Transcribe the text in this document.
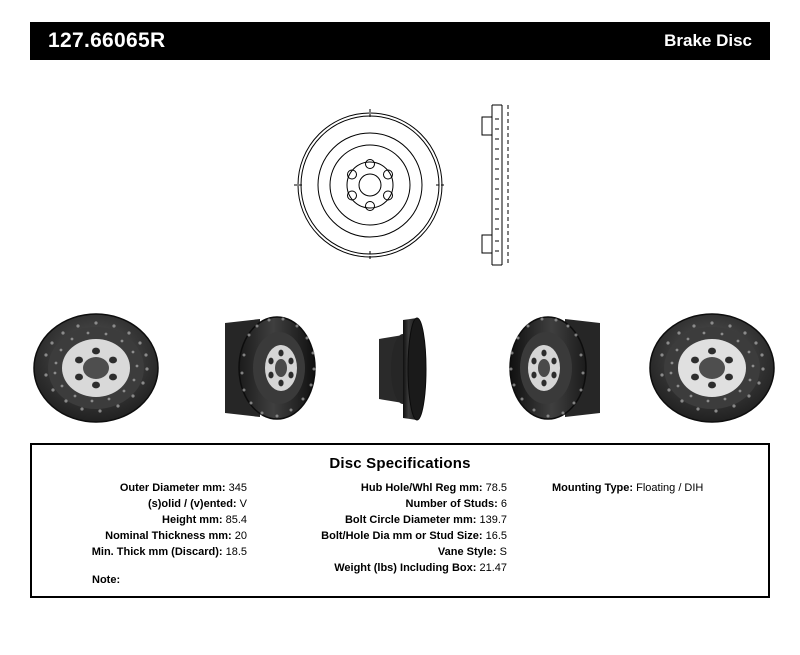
127.66065R	Brake Disc
Disc Specifications
Outer Diameter mm: 345
(s)olid / (v)ented: V
Height mm: 85.4
Nominal Thickness mm: 20
Min. Thick mm (Discard): 18.5
Hub Hole/Whl Reg mm: 78.5
Number of Studs: 6
Bolt Circle Diameter mm: 139.7
Bolt/Hole Dia mm or Stud Size: 16.5
Vane Style: S
Weight (lbs) Including Box: 21.47
Mounting Type: Floating / DIH
Note:
